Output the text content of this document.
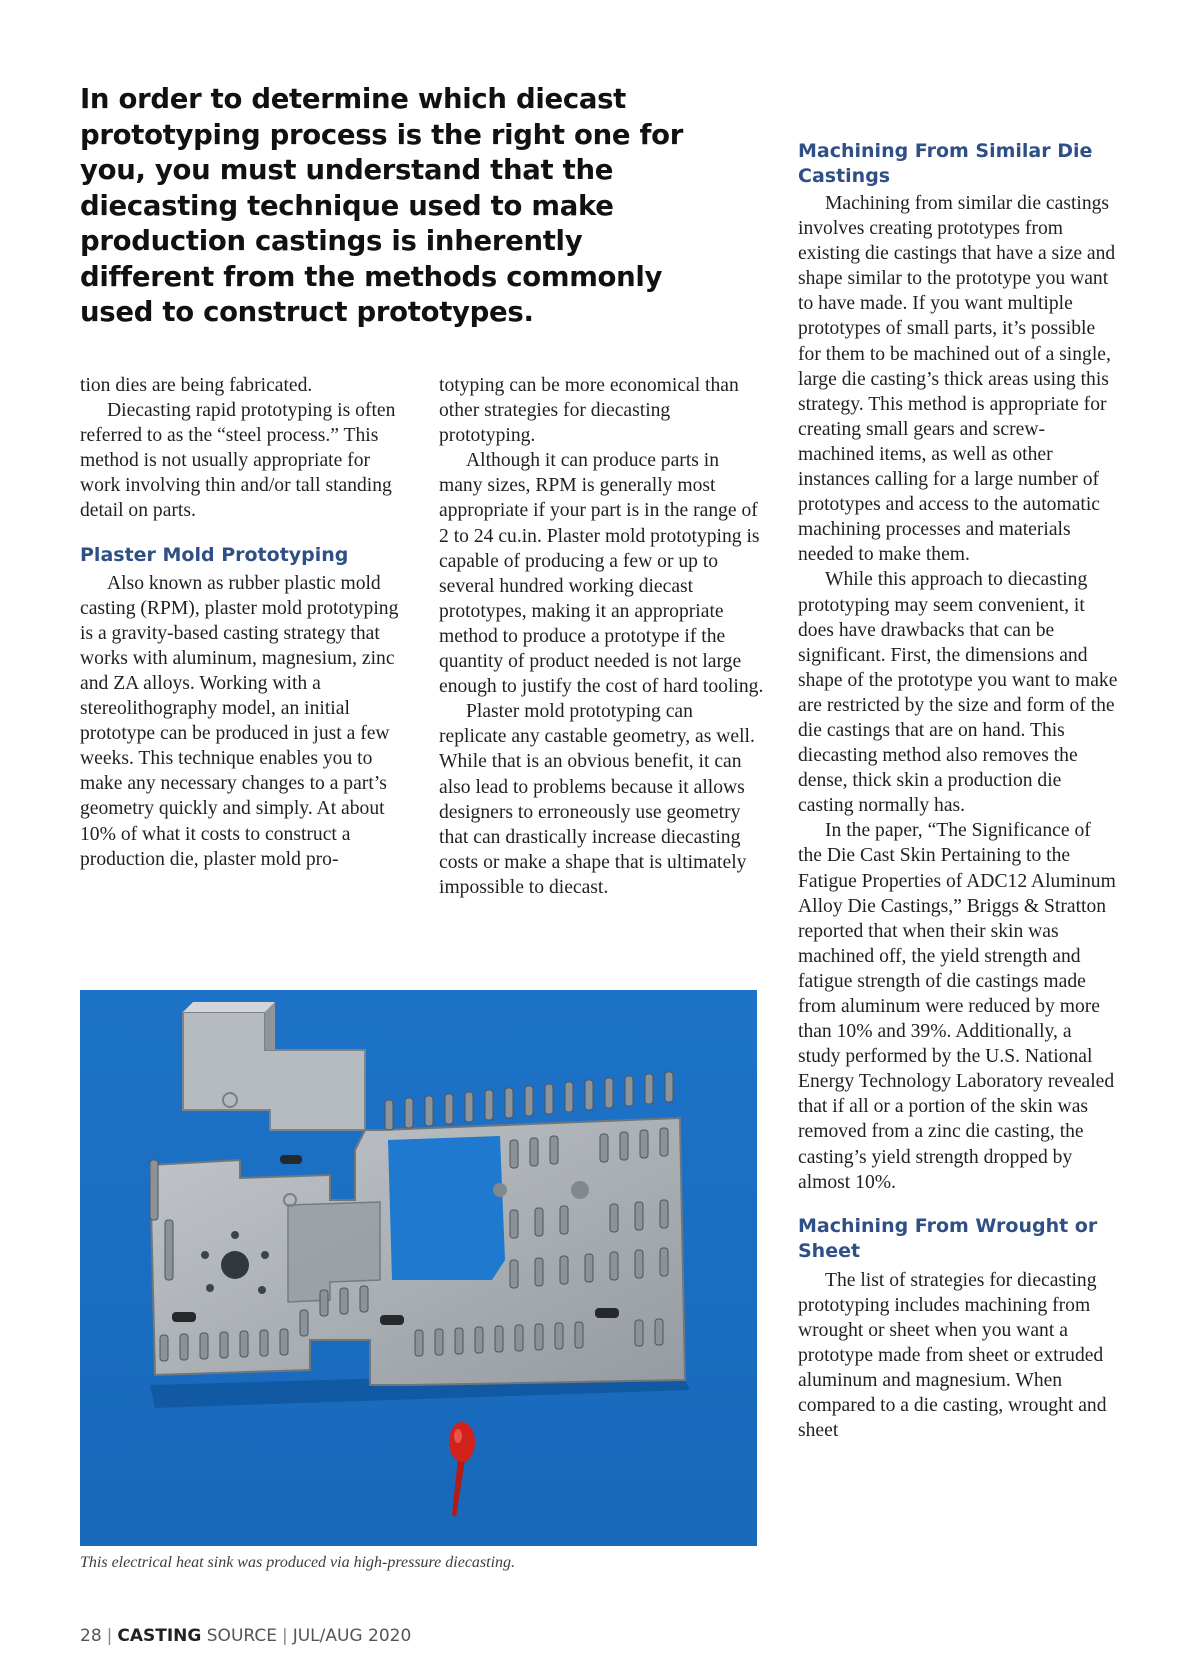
In order to determine which diecast prototyping process is the right one for you, you must understand that the diecasting technique used to make production castings is inherently different from the methods commonly used to construct prototypes.

tion dies are being fabricated.

Diecasting rapid prototyping is often referred to as the “steel process.” This method is not usually appropriate for work involving thin and/or tall standing detail on parts.

Plaster Mold Prototyping

Also known as rubber plastic mold casting (RPM), plaster mold prototyping is a gravity-based casting strategy that works with aluminum, magnesium, zinc and ZA alloys. Working with a stereolithography model, an initial prototype can be produced in just a few weeks. This technique enables you to make any necessary changes to a part’s geometry quickly and simply. At about 10% of what it costs to construct a production die, plaster mold pro-

totyping can be more economical than other strategies for diecasting prototyping.

Although it can produce parts in many sizes, RPM is generally most appropriate if your part is in the range of 2 to 24 cu.in. Plaster mold prototyping is capable of producing a few or up to several hundred working diecast prototypes, making it an appropriate method to produce a prototype if the quantity of product needed is not large enough to justify the cost of hard tooling.

Plaster mold prototyping can replicate any castable geometry, as well. While that is an obvious benefit, it can also lead to problems because it allows designers to erroneously use geometry that can drastically increase diecasting costs or make a shape that is ultimately impossible to diecast.

Machining From Similar Die Castings

Machining from similar die castings involves creating prototypes from existing die castings that have a size and shape similar to the prototype you want to have made. If you want multiple prototypes of small parts, it’s possible for them to be machined out of a single, large die casting’s thick areas using this strategy. This method is appropriate for creating small gears and screw-machined items, as well as other instances calling for a large number of prototypes and access to the automatic machining processes and materials needed to make them.

While this approach to diecasting prototyping may seem convenient, it does have drawbacks that can be significant. First, the dimensions and shape of the prototype you want to make are restricted by the size and form of the die castings that are on hand. This diecasting method also removes the dense, thick skin a production die casting normally has.

In the paper, “The Significance of the Die Cast Skin Pertaining to the Fatigue Properties of ADC12 Aluminum Alloy Die Castings,” Briggs & Stratton reported that when their skin was machined off, the yield strength and fatigue strength of die castings made from aluminum were reduced by more than 10% and 39%. Additionally, a study performed by the U.S. National Energy Technology Laboratory revealed that if all or a portion of the skin was removed from a zinc die casting, the casting’s yield strength dropped by almost 10%.

Machining From Wrought or Sheet

The list of strategies for diecasting prototyping includes machining from wrought or sheet when you want a prototype made from sheet or extruded aluminum and magnesium. When compared to a die casting, wrought and sheet

This electrical heat sink was produced via high-pressure diecasting.
28 | CASTING SOURCE | JUL/AUG 2020
